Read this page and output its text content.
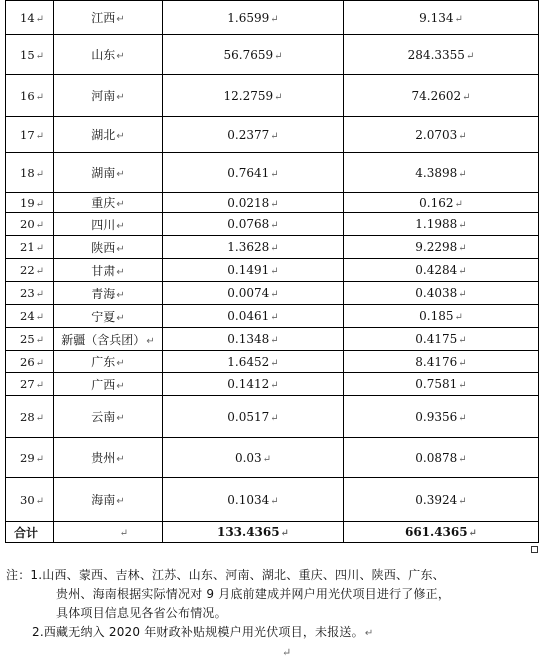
14↵	江西↵	1.6599↵	9.134↵
15↵	山东↵	56.7659↵	284.3355↵
16↵	河南↵	12.2759↵	74.2602↵
17↵	湖北↵	0.2377↵	2.0703↵
18↵	湖南↵	0.7641↵	4.3898↵
19↵	重庆↵	0.0218↵	0.162↵
20↵	四川↵	0.0768↵	1.1988↵
21↵	陕西↵	1.3628↵	9.2298↵
22↵	甘肃↵	0.1491↵	0.4284↵
23↵	青海↵	0.0074↵	0.4038↵
24↵	宁夏↵	0.0461↵	0.185↵
25↵	新疆（含兵团）↵	0.1348↵	0.4175↵
26↵	广东↵	1.6452↵	8.4176↵
27↵	广西↵	0.1412↵	0.7581↵
28↵	云南↵	0.0517↵	0.9356↵
29↵	贵州↵	0.03↵	0.0878↵
30↵	海南↵	0.1034↵	0.3924↵
合计	↵	133.4365↵	661.4365↵
注：1.山西、蒙西、吉林、江苏、山东、河南、湖北、重庆、四川、陕西、广东、
贵州、海南根据实际情况对 9 月底前建成并网户用光伏项目进行了修正，
具体项目信息见各省公布情况。
2.西藏无纳入 2020 年财政补贴规模户用光伏项目，未报送。↵
↵
